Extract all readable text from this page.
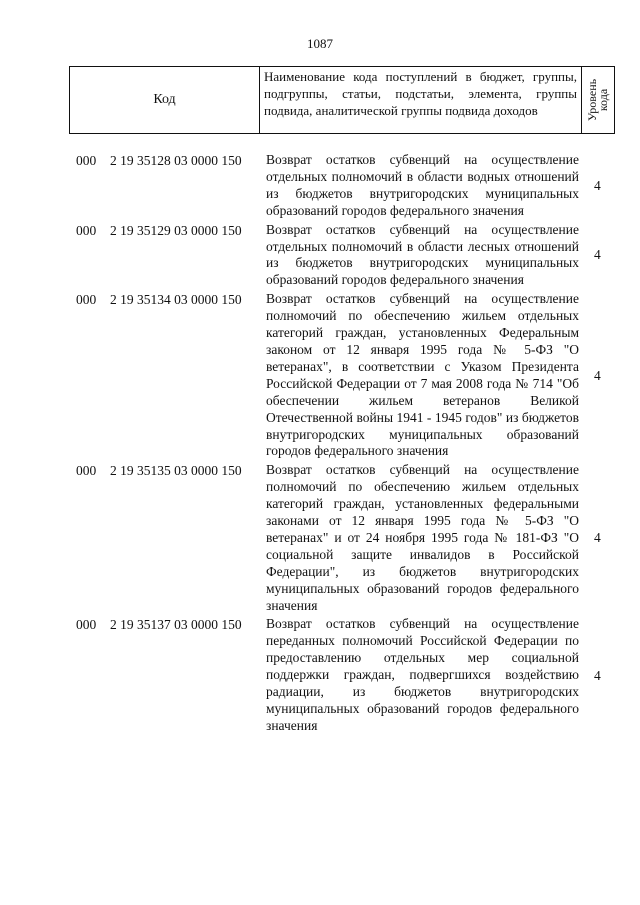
1087
Код
Наименование кода поступлений в бюджет, группы, подгруппы, статьи, подстатьи, элемента, группы подвида, аналитической группы подвида доходов	Уровень
кода
000 2 19 35128 03 0000 150 Возврат остатков субвенций на осуществление отдельных полномочий в области водных отношений из бюджетов внутригородских муниципальных образований городов федерального значения
4
000 2 19 35129 03 0000 150 Возврат остатков субвенций на осуществление отдельных полномочий в области лесных отношений из бюджетов внутригородских муниципальных образований городов федерального значения
4
000 2 19 35134 03 0000 150 Возврат остатков субвенций на осуществление полномочий по обеспечению жильем отдельных категорий граждан, установленных Федеральным законом от 12 января 1995 года № 5-ФЗ "О ветеранах", в соответствии с Указом Президента Российской Федерации от 7 мая 2008 года № 714 "Об обеспечении жильем ветеранов Великой Отечественной войны 1941 - 1945 годов" из бюджетов внутригородских муниципальных образований городов федерального значения
4
000 2 19 35135 03 0000 150 Возврат остатков субвенций на осуществление полномочий по обеспечению жильем отдельных категорий граждан, установленных федеральными законами от 12 января 1995 года № 5-ФЗ "О ветеранах" и от 24 ноября 1995 года № 181-ФЗ "О социальной защите инвалидов в Российской Федерации", из бюджетов внутригородских муниципальных образований городов федерального значения
4
000 2 19 35137 03 0000 150 Возврат остатков субвенций на осуществление переданных полномочий Российской Федерации по предоставлению отдельных мер социальной поддержки граждан, подвергшихся воздействию радиации, из бюджетов внутригородских муниципальных образований городов федерального значения
4
